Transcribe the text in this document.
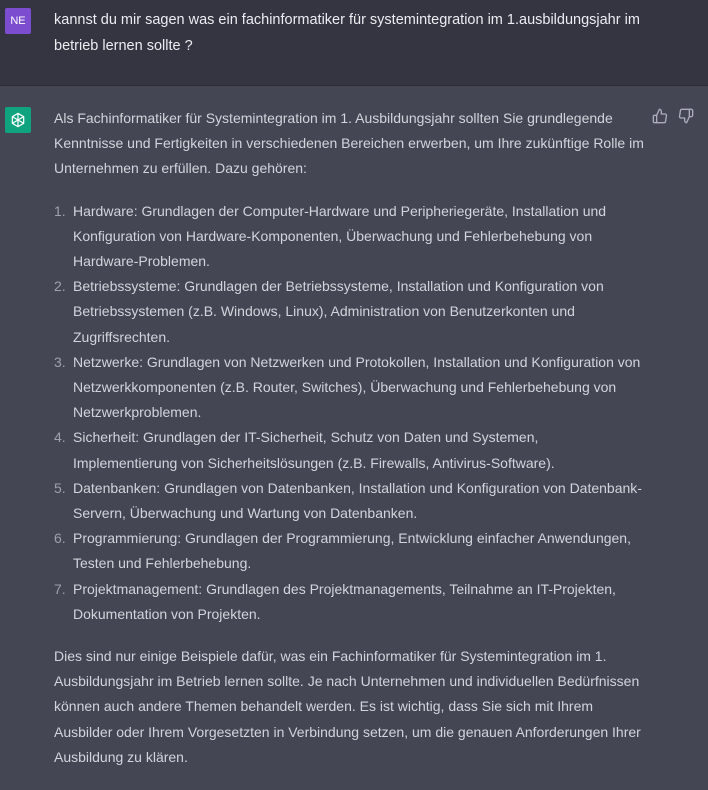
NE	kannst du mir sagen was ein fachinformatiker für systemintegration im 1.ausbildungsjahr im betrieb lernen sollte ?

Als Fachinformatiker für Systemintegration im 1. Ausbildungsjahr sollten Sie grundlegende Kenntnisse und Fertigkeiten in verschiedenen Bereichen erwerben, um Ihre zukünftige Rolle im Unternehmen zu erfüllen. Dazu gehören:

1. Hardware: Grundlagen der Computer-Hardware und Peripheriegeräte, Installation und Konfiguration von Hardware-Komponenten, Überwachung und Fehlerbehebung von Hardware-Problemen.
2. Betriebssysteme: Grundlagen der Betriebssysteme, Installation und Konfiguration von Betriebssystemen (z.B. Windows, Linux), Administration von Benutzerkonten und Zugriffsrechten.
3. Netzwerke: Grundlagen von Netzwerken und Protokollen, Installation und Konfiguration von Netzwerkkomponenten (z.B. Router, Switches), Überwachung und Fehlerbehebung von Netzwerkproblemen.
4. Sicherheit: Grundlagen der IT-Sicherheit, Schutz von Daten und Systemen, Implementierung von Sicherheitslösungen (z.B. Firewalls, Antivirus-Software).
5. Datenbanken: Grundlagen von Datenbanken, Installation und Konfiguration von Datenbank-Servern, Überwachung und Wartung von Datenbanken.
6. Programmierung: Grundlagen der Programmierung, Entwicklung einfacher Anwendungen, Testen und Fehlerbehebung.
7. Projektmanagement: Grundlagen des Projektmanagements, Teilnahme an IT-Projekten, Dokumentation von Projekten.

Dies sind nur einige Beispiele dafür, was ein Fachinformatiker für Systemintegration im 1. Ausbildungsjahr im Betrieb lernen sollte. Je nach Unternehmen und individuellen Bedürfnissen können auch andere Themen behandelt werden. Es ist wichtig, dass Sie sich mit Ihrem Ausbilder oder Ihrem Vorgesetzten in Verbindung setzen, um die genauen Anforderungen Ihrer Ausbildung zu klären.
